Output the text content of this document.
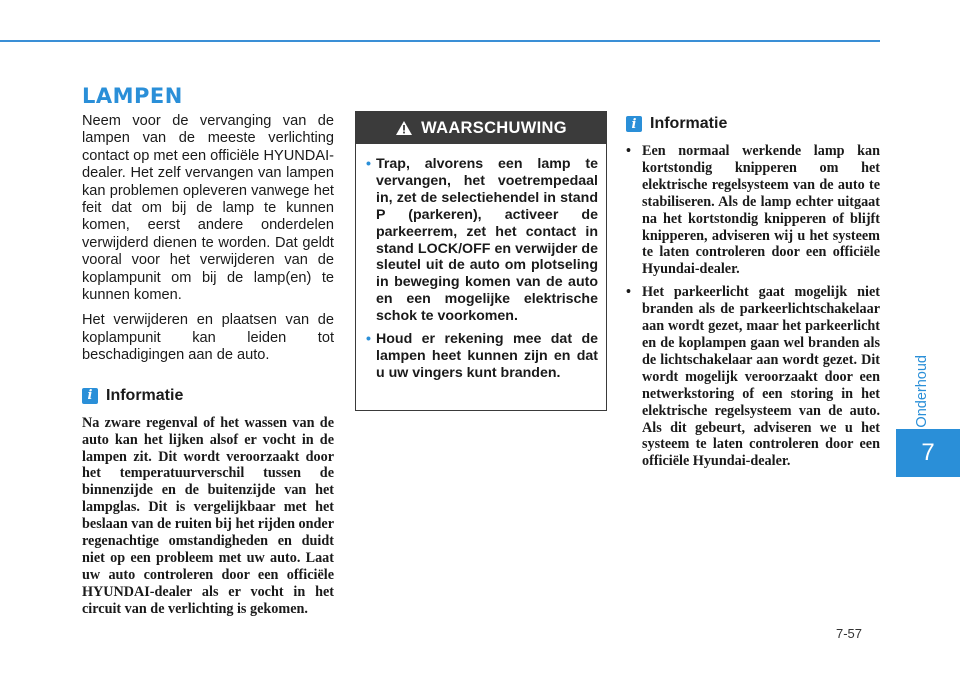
LAMPEN

Neem voor de vervanging van de lampen van de meeste verlichting contact op met een officiële HYUNDAI-dealer. Het zelf vervangen van lampen kan problemen opleveren vanwege het feit dat om bij de lamp te kunnen komen, eerst andere onderdelen verwijderd dienen te worden. Dat geldt vooral voor het verwijderen van de koplampunit om bij de lamp(en) te kunnen komen.

Het verwijderen en plaatsen van de koplampunit kan leiden tot beschadigingen aan de auto.

i Informatie

Na zware regenval of het wassen van de auto kan het lijken alsof er vocht in de lampen zit. Dit wordt veroorzaakt door het temperatuurverschil tussen de binnenzijde en de buitenzijde van het lampglas. Dit is vergelijkbaar met het beslaan van de ruiten bij het rijden onder regenachtige omstandigheden en duidt niet op een probleem met uw auto. Laat uw auto controleren door een officiële HYUNDAI-dealer als er vocht in het circuit van de verlichting is gekomen.

WAARSCHUWING
• Trap, alvorens een lamp te vervangen, het voetrempedaal in, zet de selectiehendel in stand P (parkeren), activeer de parkeerrem, zet het contact in stand LOCK/OFF en verwijder de sleutel uit de auto om plotseling in beweging komen van de auto en een mogelijke elektrische schok te voorkomen.
• Houd er rekening mee dat de lampen heet kunnen zijn en dat u uw vingers kunt branden.
i Informatie
• Een normaal werkende lamp kan kortstondig knipperen om het elektrische regelsysteem van de auto te stabiliseren. Als de lamp echter uitgaat na het kortstondig knipperen of blijft knipperen, adviseren wij u het systeem te laten controleren door een officiële Hyundai-dealer.
• Het parkeerlicht gaat mogelijk niet branden als de parkeerlichtschakelaar aan wordt gezet, maar het parkeerlicht en de koplampen gaan wel branden als de lichtschakelaar aan wordt gezet. Dit wordt mogelijk veroorzaakt door een netwerkstoring of een storing in het elektrische regelsysteem van de auto. Als dit gebeurt, adviseren we u het systeem te laten controleren door een officiële Hyundai-dealer.
Onderhoud
7
7-57
